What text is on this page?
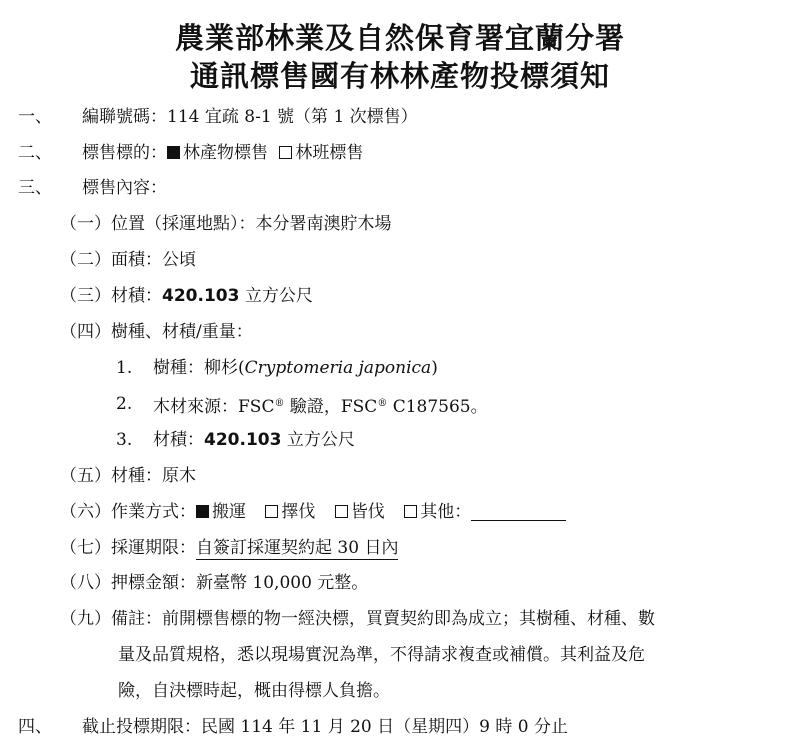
農業部林業及自然保育署宜蘭分署
通訊標售國有林林產物投標須知
一、 編聯號碼：114 宜疏 8-1 號（第 1 次標售）
二、 標售標的： 林產物標售 林班標售
三、 標售內容：
（一）位置（採運地點）：本分署南澳貯木場
（二）面積：公頃
（三）材積：420.103 立方公尺
（四）樹種、材積/重量：
1. 樹種：柳杉(Cryptomeria japonica)
2. 木材來源：FSC® 驗證，FSC® C187565。
3. 材積：420.103 立方公尺
（五）材種：原木
（六）作業方式： 搬運 擇伐 皆伐 其他：
（七）採運期限：自簽訂採運契約起 30 日內
（八）押標金額：新臺幣 10,000 元整。
（九）備註：前開標售標的物一經決標，買賣契約即為成立；其樹種、材種、數
量及品質規格，悉以現場實況為準，不得請求複查或補償。其利益及危
險，自決標時起，概由得標人負擔。
四、 截止投標期限：民國 114 年 11 月 20 日（星期四）9 時 0 分止
